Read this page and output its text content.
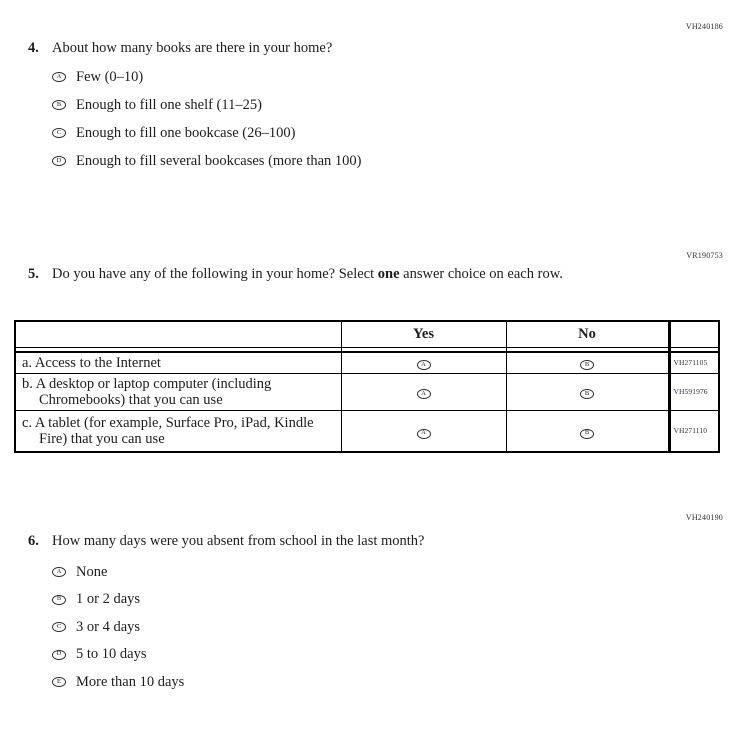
VH240186
4. About how many books are there in your home?
A Few (0–10)
B Enough to fill one shelf (11–25)
C Enough to fill one bookcase (26–100)
D Enough to fill several bookcases (more than 100)
VR190753
5. Do you have any of the following in your home? Select one answer choice on each row.
	Yes	No	

a. Access to the Internet	A	B	VH271105

b. A desktop or laptop computer (including Chromebooks) that you can use	A	B	VH591976

c. A tablet (for example, Surface Pro, iPad, Kindle Fire) that you can use	A	B	VH271110
VH240190
6. How many days were you absent from school in the last month?
A None
B 1 or 2 days
C 3 or 4 days
D 5 to 10 days
E More than 10 days
